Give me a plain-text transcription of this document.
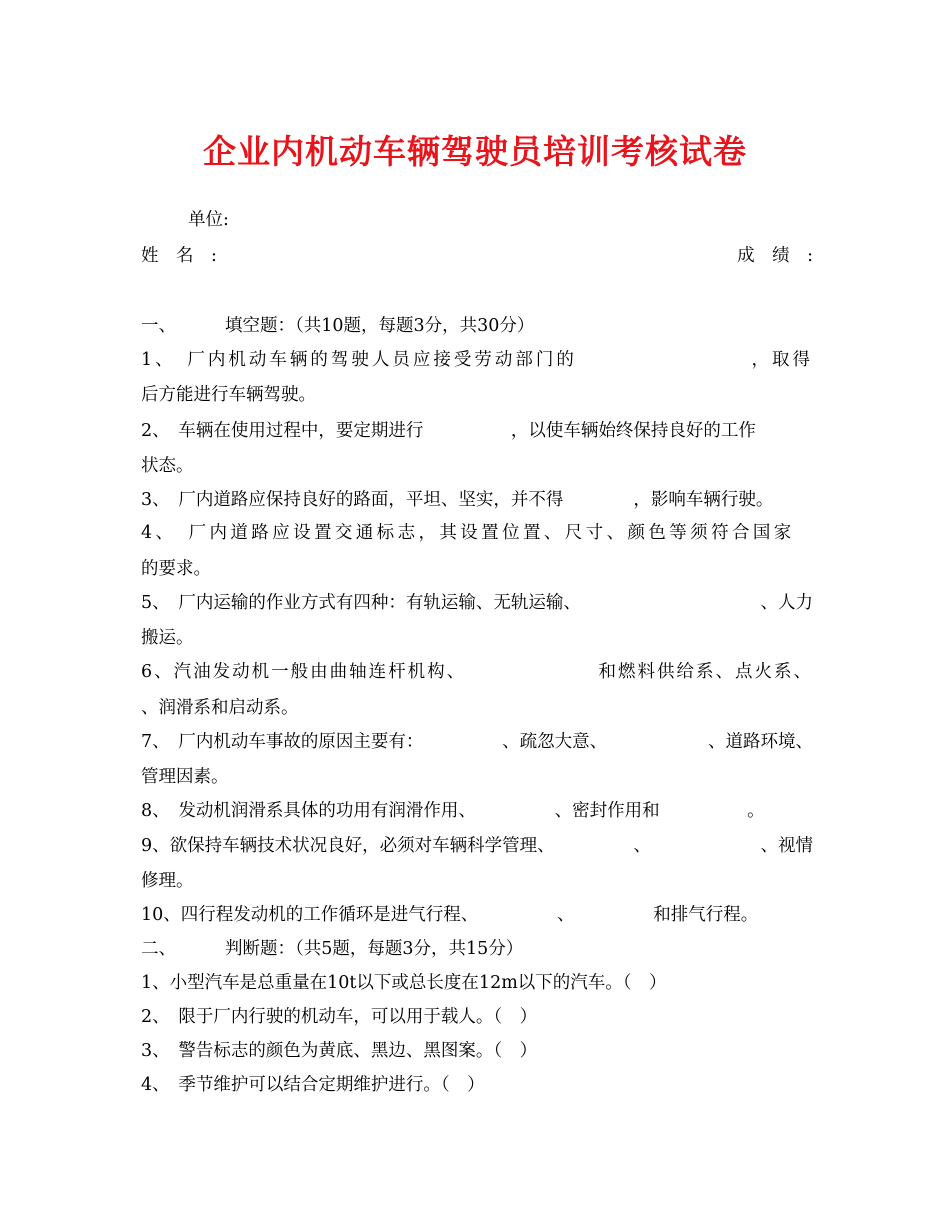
企业内机动车辆驾驶员培训考核试卷
单位:
姓　名　:	成　绩　:
一、	填空题：（共10题，每题3分，共30分）
1、　厂内机动车辆的驾驶人员应接受劳动部门的	，取得
后方能进行车辆驾驶。
2、　车辆在使用过程中，要定期进行　　　　　，以使车辆始终保持良好的工作
状态。
3、　厂内道路应保持良好的路面，平坦、坚实，并不得　　　　，影响车辆行驶。
4、　厂内道路应设置交通标志，其设置位置、尺寸、颜色等须符合国家
的要求。
5、　厂内运输的作业方式有四种：有轨运输、无轨运输、	、人力
搬运。
6、汽油发动机一般由曲轴连杆机构、	和燃料供给系、点火系、
、润滑系和启动系。
7、　厂内机动车事故的原因主要有：　　　　　、疏忽大意、	、道路环境、
管理因素。
8、　发动机润滑系具体的功用有润滑作用、　　　　　、密封作用和　　　　　。
9、欲保持车辆技术状况良好，必须对车辆科学管理、　　　　　、	、视情
修理。
10、四行程发动机的工作循环是进气行程、　　　　　、　　　　　和排气行程。
二、	判断题：（共5题，每题3分，共15分）
1、小型汽车是总重量在10t以下或总长度在12m以下的汽车。（　）
2、　限于厂内行驶的机动车，可以用于载人。（　）
3、　警告标志的颜色为黄底、黑边、黑图案。（　）
4、　季节维护可以结合定期维护进行。（　）
